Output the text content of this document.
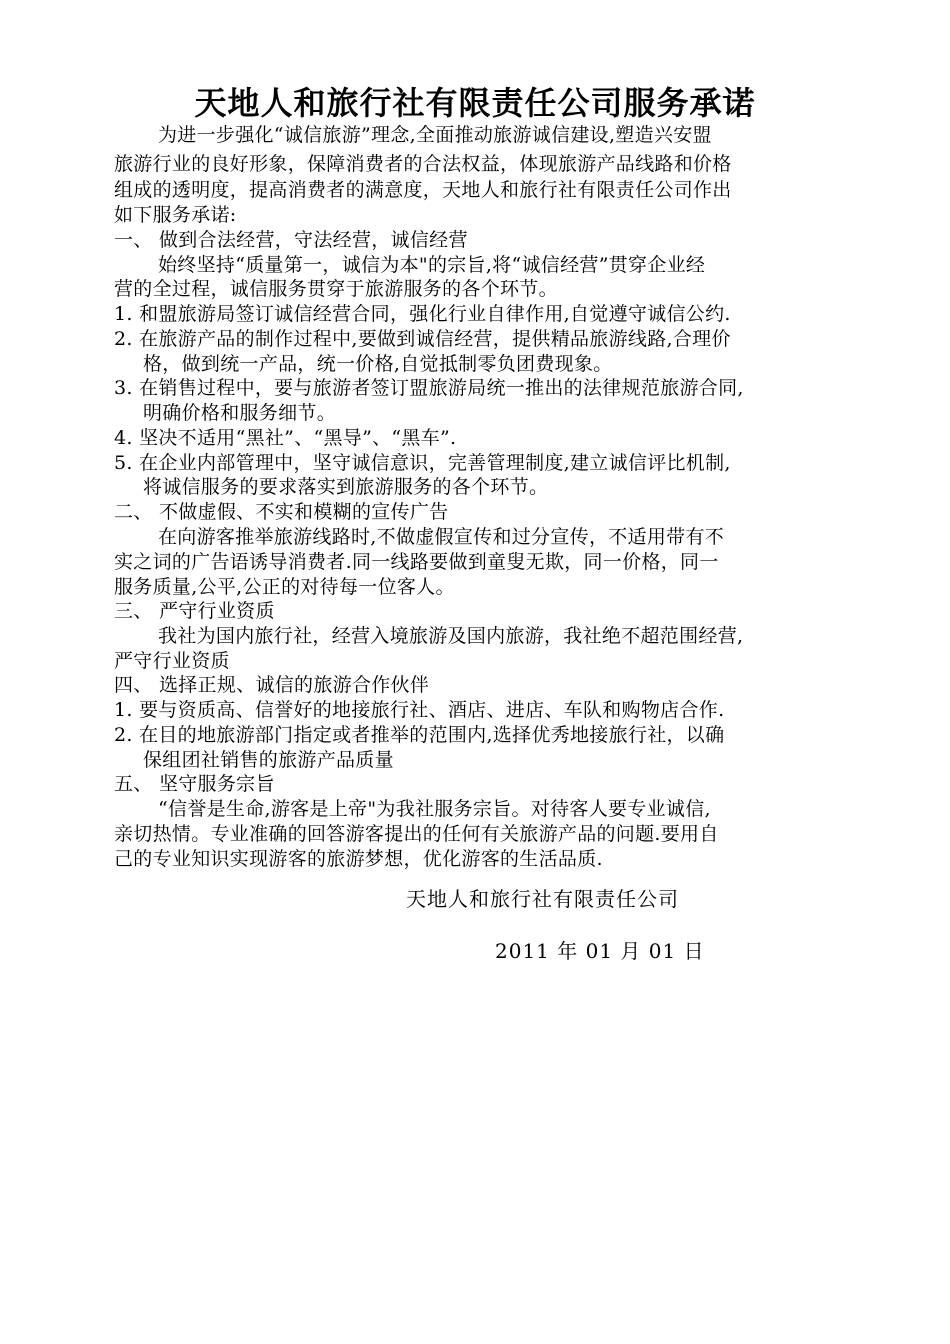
天地人和旅行社有限责任公司服务承诺
为进一步强化“诚信旅游”理念,全面推动旅游诚信建设,塑造兴安盟
旅游行业的良好形象，保障消费者的合法权益，体现旅游产品线路和价格
组成的透明度，提高消费者的满意度，天地人和旅行社有限责任公司作出
如下服务承诺:
一、 做到合法经营，守法经营，诚信经营
始终坚持“质量第一，诚信为本"的宗旨,将“诚信经营”贯穿企业经
营的全过程，诚信服务贯穿于旅游服务的各个环节。
1. 和盟旅游局签订诚信经营合同，强化行业自律作用,自觉遵守诚信公约.
2. 在旅游产品的制作过程中,要做到诚信经营，提供精品旅游线路,合理价
格，做到统一产品，统一价格,自觉抵制零负团费现象。
3. 在销售过程中，要与旅游者签订盟旅游局统一推出的法律规范旅游合同,
明确价格和服务细节。
4. 坚决不适用“黑社”、“黑导”、“黑车”.
5. 在企业内部管理中，坚守诚信意识，完善管理制度,建立诚信评比机制,
将诚信服务的要求落实到旅游服务的各个环节。
二、 不做虚假、不实和模糊的宣传广告
在向游客推举旅游线路时,不做虚假宣传和过分宣传，不适用带有不
实之词的广告语诱导消费者.同一线路要做到童叟无欺，同一价格，同一
服务质量,公平,公正的对待每一位客人。
三、 严守行业资质
我社为国内旅行社，经营入境旅游及国内旅游，我社绝不超范围经营,
严守行业资质
四、 选择正规、诚信的旅游合作伙伴
1. 要与资质高、信誉好的地接旅行社、酒店、进店、车队和购物店合作.
2. 在目的地旅游部门指定或者推举的范围内,选择优秀地接旅行社，以确
保组团社销售的旅游产品质量
五、 坚守服务宗旨
“信誉是生命,游客是上帝"为我社服务宗旨。对待客人要专业诚信,
亲切热情。专业准确的回答游客提出的任何有关旅游产品的问题.要用自
己的专业知识实现游客的旅游梦想，优化游客的生活品质.
天地人和旅行社有限责任公司
2011 年 01 月 01 日
